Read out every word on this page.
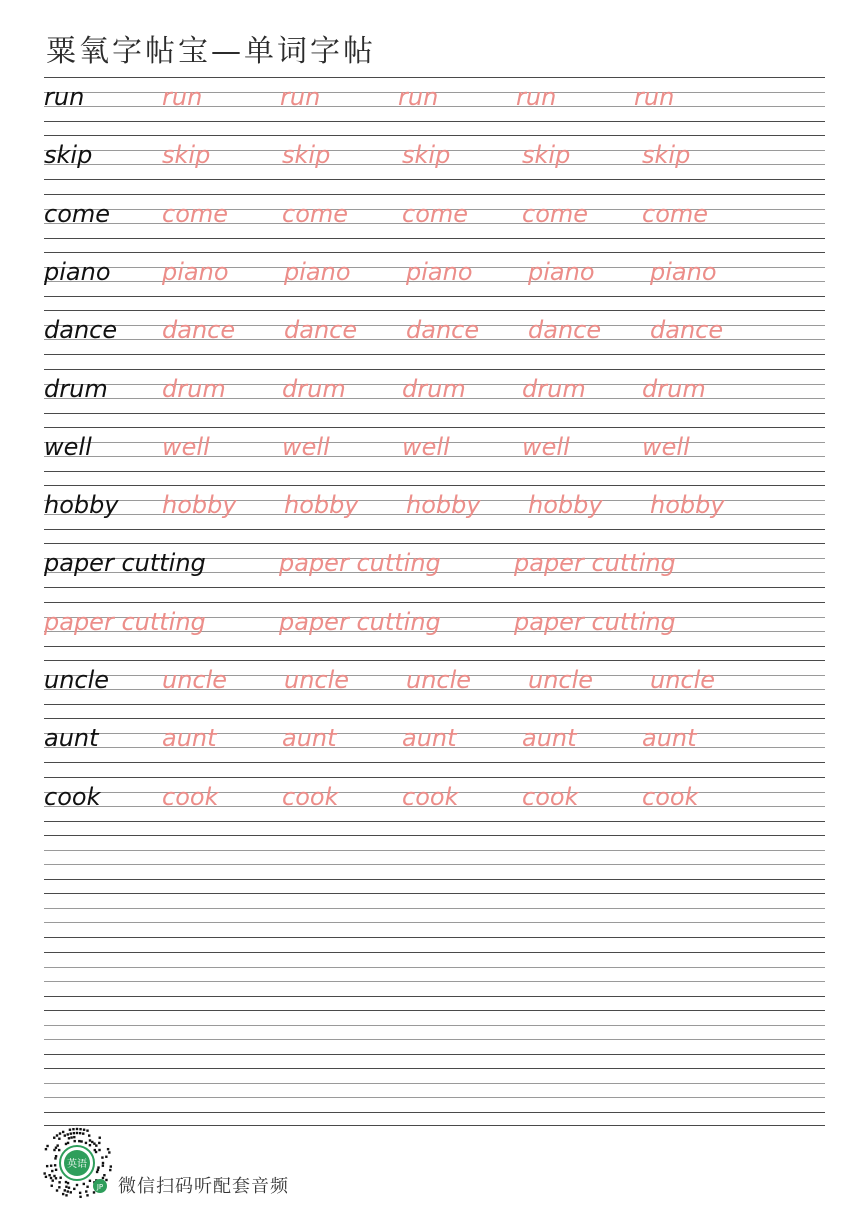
粟氧字帖宝—单词字帖
run	run	run	run	run	run
skip	skip	skip	skip	skip	skip
come come come come come come
piano piano piano piano piano piano
dance dance dance dance dance dance
drum drum drum drum drum drum
well	well	well	well	well	well
hobby hobby hobby hobby hobby hobby
paper cutting	paper cutting	paper cutting
paper cutting	paper cutting	paper cutting
uncle uncle uncle uncle uncle uncle
aunt	aunt	aunt	aunt	aunt	aunt
cook	cook	cook	cook	cook	cook
英语
JP 微信扫码听配套音频
